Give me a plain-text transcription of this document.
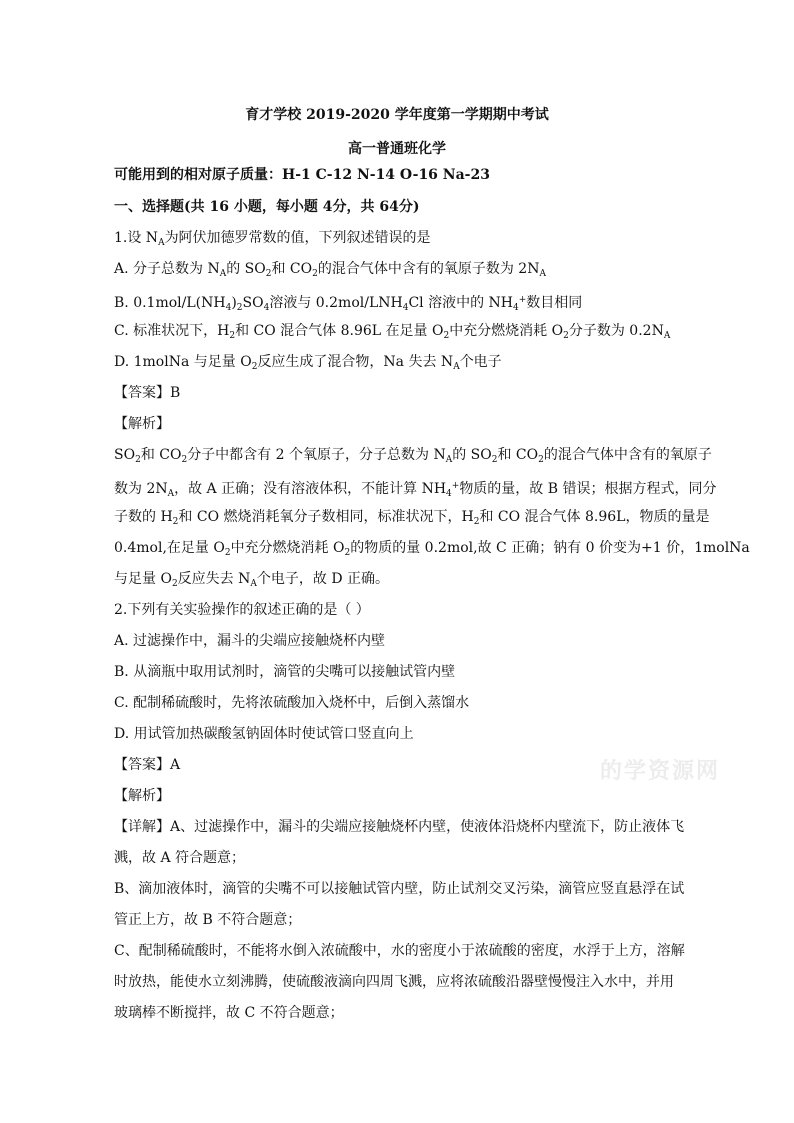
育才学校 2019-2020 学年度第一学期期中考试
高一普通班化学
可能用到的相对原子质量：H-1 C-12 N-14 O-16 Na-23
一、选择题(共 16 小题，每小题 4分，共 64分)
1.设 $N_A$为阿伏加德罗常数的值，下列叙述错误的是
A. 分子总数为 $N_A$的 $SO_2$和 $CO_2$的混合气体中含有的氧原子数为 $2N_A$
B. $0.1mol/L(NH_4)_2SO_4$溶液与 $0.2mol/LNH_4Cl$ 溶液中的 $NH_4^+$数目相同
C. 标准状况下，$H_2$和 CO 混合气体 8.96L 在足量 $O_2$中充分燃烧消耗 $O_2$分子数为 $0.2N_A$
D. 1molNa 与足量 $O_2$反应生成了混合物，Na 失去 $N_A$个电子
【答案】B
【解析】
$SO_2$和 $CO_2$分子中都含有 2 个氧原子，分子总数为 $N_A$的 $SO_2$和 $CO_2$的混合气体中含有的氧原子
数为 $2N_A$，故 A 正确；没有溶液体积，不能计算 $NH_4^+$物质的量，故 B 错误；根据方程式，同分
子数的 $H_2$和 CO 燃烧消耗氧分子数相同，标准状况下，$H_2$和 CO 混合气体 8.96L，物质的量是
0.4mol,在足量 $O_2$中充分燃烧消耗 $O_2$的物质的量 0.2mol,故 C 正确；钠有 0 价变为+1 价，1molNa
与足量 $O_2$反应失去 $N_A$个电子，故 D 正确。
2.下列有关实验操作的叙述正确的是（ ）
A. 过滤操作中，漏斗的尖端应接触烧杯内壁
B. 从滴瓶中取用试剂时，滴管的尖嘴可以接触试管内壁
C. 配制稀硫酸时，先将浓硫酸加入烧杯中，后倒入蒸馏水
D. 用试管加热碳酸氢钠固体时使试管口竖直向上
【答案】A
【解析】
【详解】A、过滤操作中，漏斗的尖端应接触烧杯内壁，使液体沿烧杯内壁流下，防止液体飞
溅，故 A 符合题意；
B、滴加液体时，滴管的尖嘴不可以接触试管内壁，防止试剂交叉污染，滴管应竖直悬浮在试
管正上方，故 B 不符合题意；
C、配制稀硫酸时，不能将水倒入浓硫酸中，水的密度小于浓硫酸的密度，水浮于上方，溶解
时放热，能使水立刻沸腾，使硫酸液滴向四周飞溅，应将浓硫酸沿器壁慢慢注入水中，并用
玻璃棒不断搅拌，故 C 不符合题意；
的学资源网
